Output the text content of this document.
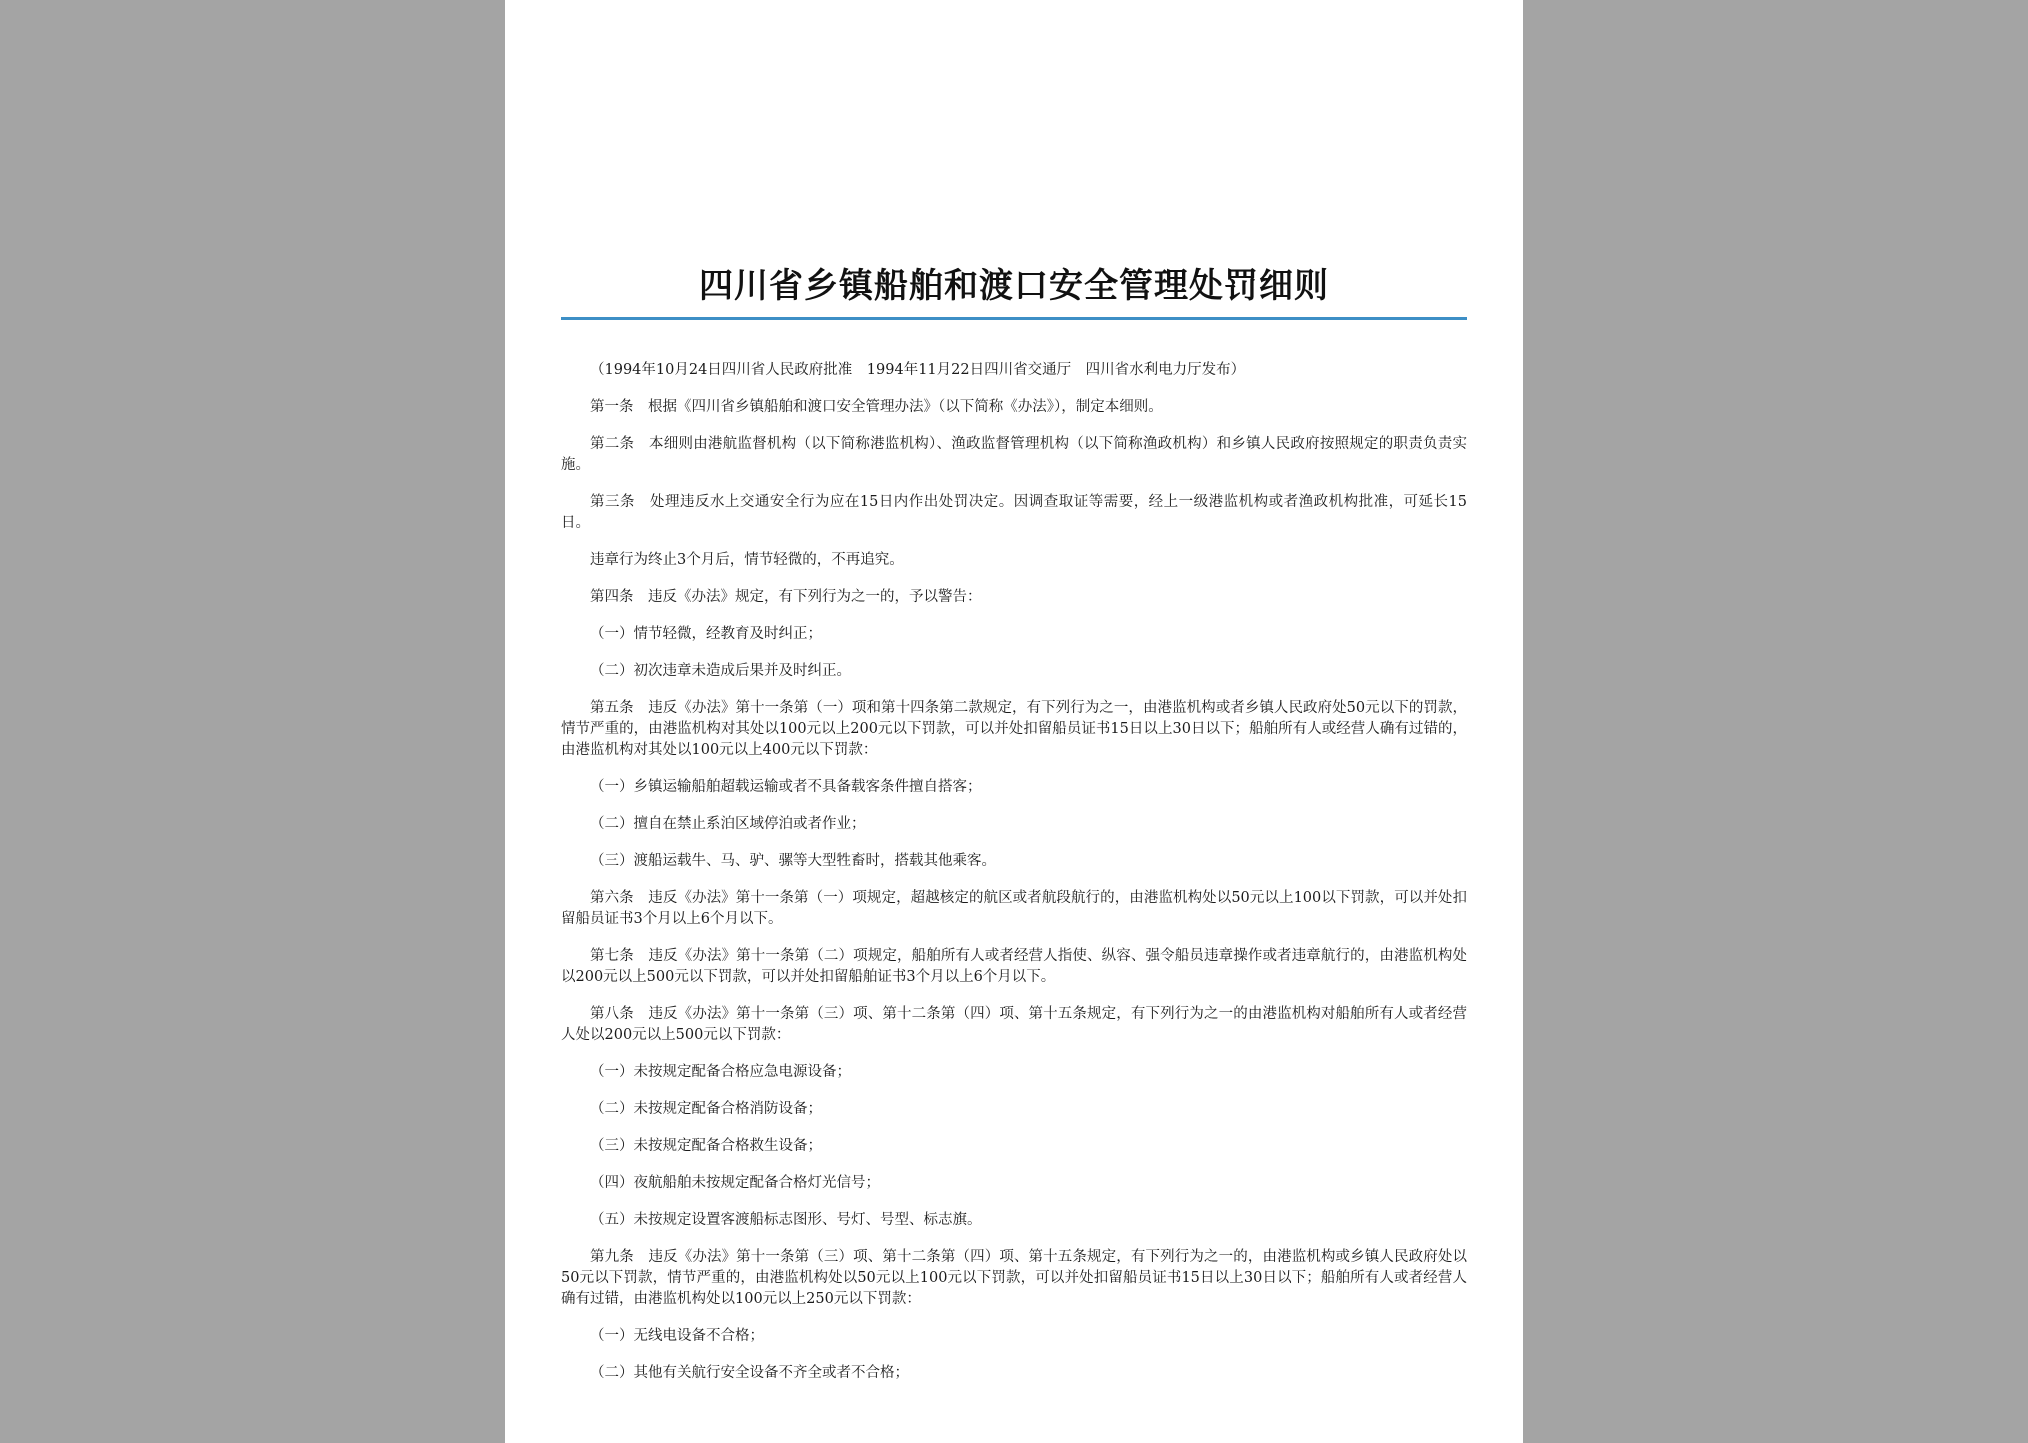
四川省乡镇船舶和渡口安全管理处罚细则

（1994年10月24日四川省人民政府批准　1994年11月22日四川省交通厅　四川省水利电力厅发布）

第一条　根据《四川省乡镇船舶和渡口安全管理办法》（以下简称《办法》），制定本细则。

第二条　本细则由港航监督机构（以下简称港监机构）、渔政监督管理机构（以下简称渔政机构）和乡镇人民政府按照规定的职责负责实施。

第三条　处理违反水上交通安全行为应在15日内作出处罚决定。因调查取证等需要，经上一级港监机构或者渔政机构批准，可延长15日。

违章行为终止3个月后，情节轻微的，不再追究。

第四条　违反《办法》规定，有下列行为之一的，予以警告：

（一）情节轻微，经教育及时纠正；

（二）初次违章未造成后果并及时纠正。

第五条　违反《办法》第十一条第（一）项和第十四条第二款规定，有下列行为之一，由港监机构或者乡镇人民政府处50元以下的罚款，情节严重的，由港监机构对其处以100元以上200元以下罚款，可以并处扣留船员证书15日以上30日以下；船舶所有人或经营人确有过错的，由港监机构对其处以100元以上400元以下罚款：

（一）乡镇运输船舶超载运输或者不具备载客条件擅自搭客；

（二）擅自在禁止系泊区域停泊或者作业；

（三）渡船运载牛、马、驴、骡等大型牲畜时，搭载其他乘客。

第六条　违反《办法》第十一条第（一）项规定，超越核定的航区或者航段航行的，由港监机构处以50元以上100以下罚款，可以并处扣留船员证书3个月以上6个月以下。

第七条　违反《办法》第十一条第（二）项规定，船舶所有人或者经营人指使、纵容、强令船员违章操作或者违章航行的，由港监机构处以200元以上500元以下罚款，可以并处扣留船舶证书3个月以上6个月以下。

第八条　违反《办法》第十一条第（三）项、第十二条第（四）项、第十五条规定，有下列行为之一的由港监机构对船舶所有人或者经营人处以200元以上500元以下罚款：

（一）未按规定配备合格应急电源设备；

（二）未按规定配备合格消防设备；

（三）未按规定配备合格救生设备；

（四）夜航船舶未按规定配备合格灯光信号；

（五）未按规定设置客渡船标志图形、号灯、号型、标志旗。

第九条　违反《办法》第十一条第（三）项、第十二条第（四）项、第十五条规定，有下列行为之一的，由港监机构或乡镇人民政府处以50元以下罚款，情节严重的，由港监机构处以50元以上100元以下罚款，可以并处扣留船员证书15日以上30日以下；船舶所有人或者经营人确有过错，由港监机构处以100元以上250元以下罚款：

（一）无线电设备不合格；

（二）其他有关航行安全设备不齐全或者不合格；
